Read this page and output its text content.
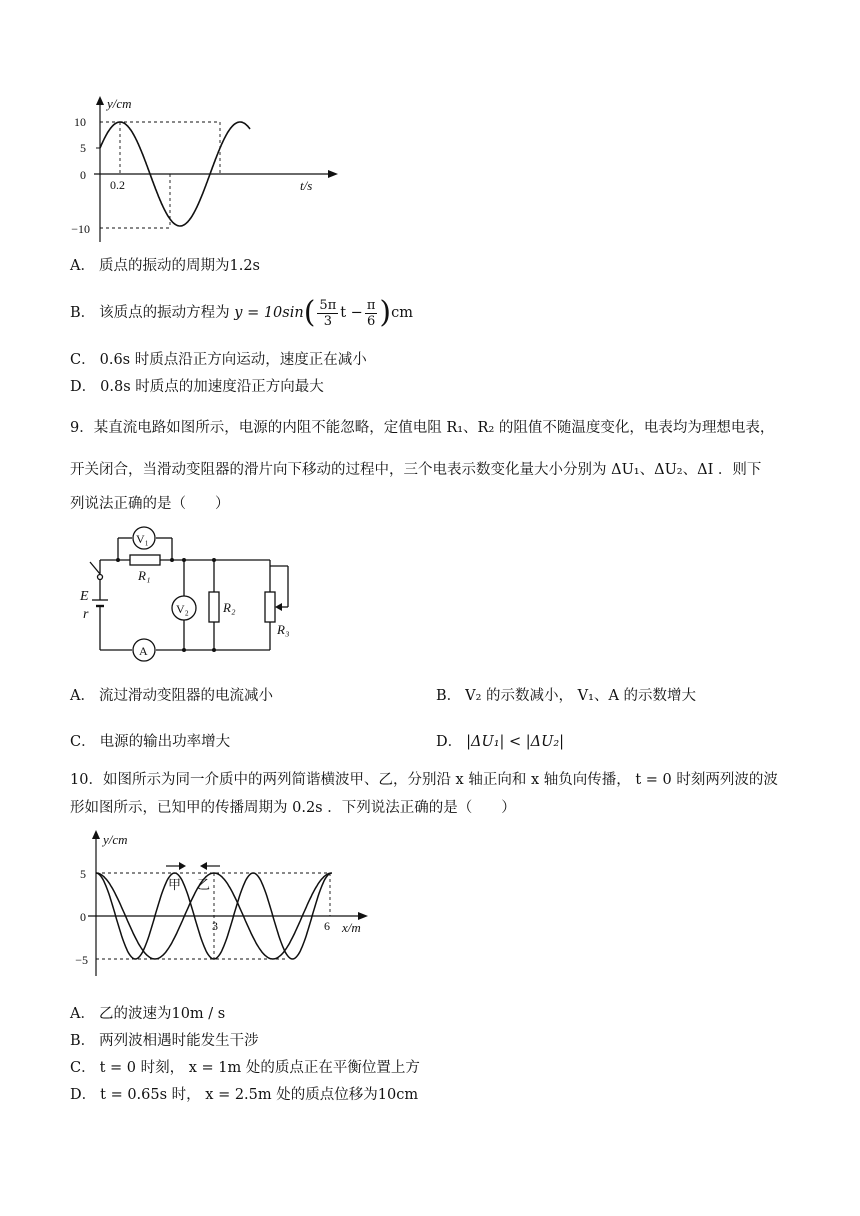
y/cm
t/s
10
5
0
−10
0.2
A． 质点的振动的周期为1.2s
B． 该质点的振动方程为 $y = 10\sin( \frac{5\pi}{3}$ $t - \frac{\pi}{6} )cm$
C． 0.6s 时质点沿正方向运动，速度正在减小
D． 0.8s 时质点的加速度沿正方向最大
9．某直流电路如图所示，电源的内阻不能忽略，定值电阻 R₁、R₂ 的阻值不随温度变化，电表均为理想电表，
开关闭合，当滑动变阻器的滑片向下移动的过程中，三个电表示数变化量大小分别为 ΔU₁、ΔU₂、ΔI ．则下
列说法正确的是（　　）
V₁
R₁
E
r	V₂	R₂
R₃
A
A． 流过滑动变阻器的电流减小	B． V₂ 的示数减小， V₁、A 的示数增大
C． 电源的输出功率增大	D． |ΔU₁| < |ΔU₂|
10．如图所示为同一介质中的两列简谐横波甲、乙，分别沿 x 轴正向和 x 轴负向传播， t = 0 时刻两列波的波
形如图所示，已知甲的传播周期为 0.2s ．下列说法正确的是（　　）
y/cm
x/m
5
0
−5
3	6
甲 乙
A． 乙的波速为10m / s
B． 两列波相遇时能发生干涉
C． t = 0 时刻， x = 1m 处的质点正在平衡位置上方
D． t = 0.65s 时， x = 2.5m 处的质点位移为10cm
